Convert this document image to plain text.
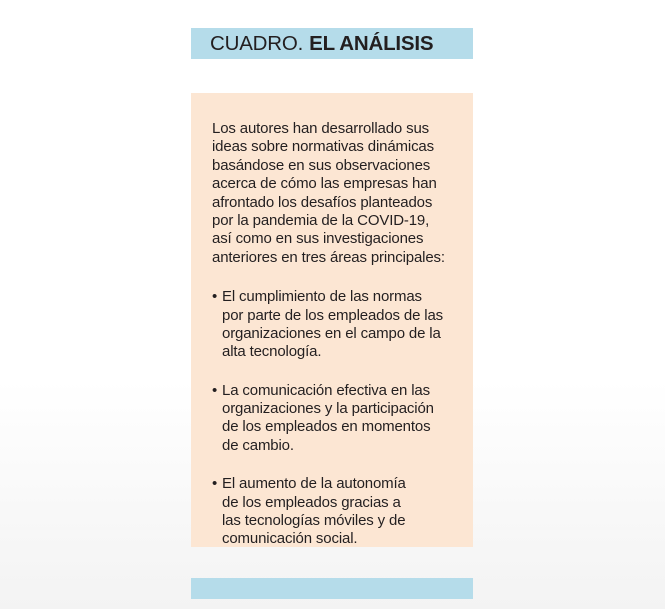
CUADRO. EL ANÁLISIS

Los autores han desarrollado sus

ideas sobre normativas dinámicas

basándose en sus observaciones

acerca de cómo las empresas han

afrontado los desafíos planteados

por la pandemia de la COVID-19,

así como en sus investigaciones

anteriores en tres áreas principales:

• El cumplimiento de las normas
por parte de los empleados de las
organizaciones en el campo de la
alta tecnología.
• La comunicación efectiva en las
organizaciones y la participación
de los empleados en momentos
de cambio.
• El aumento de la autonomía
de los empleados gracias a
las tecnologías móviles y de
comunicación social.
